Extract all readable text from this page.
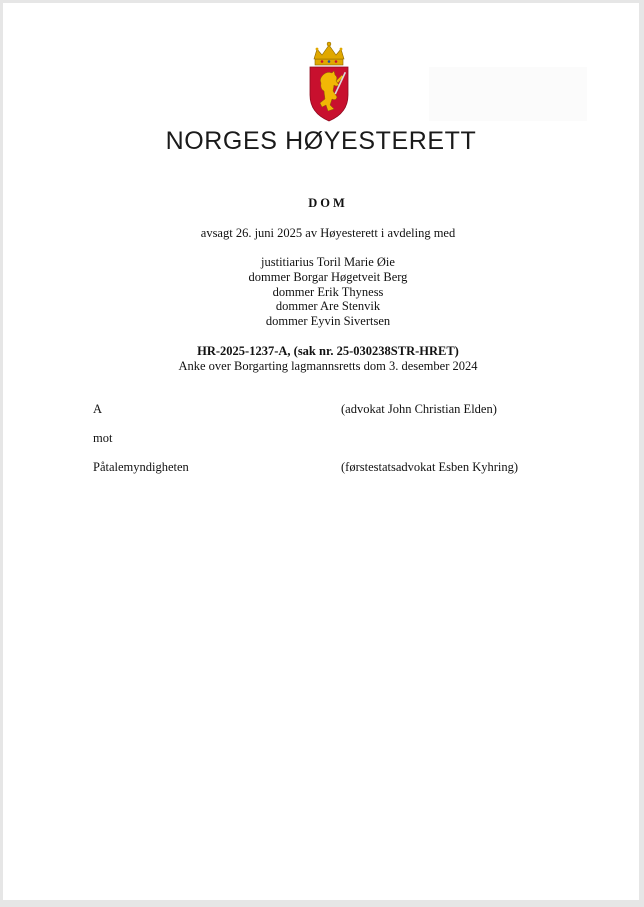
NORGES HØYESTERETT
DOM
avsagt 26. juni 2025 av Høyesterett i avdeling med
justitiarius Toril Marie Øie
dommer Borgar Høgetveit Berg
dommer Erik Thyness
dommer Are Stenvik
dommer Eyvin Sivertsen
HR-2025-1237-A, (sak nr. 25-030238STR-HRET)
Anke over Borgarting lagmannsretts dom 3. desember 2024
A	(advokat John Christian Elden)
mot
Påtalemyndigheten	(førstestatsadvokat Esben Kyhring)
